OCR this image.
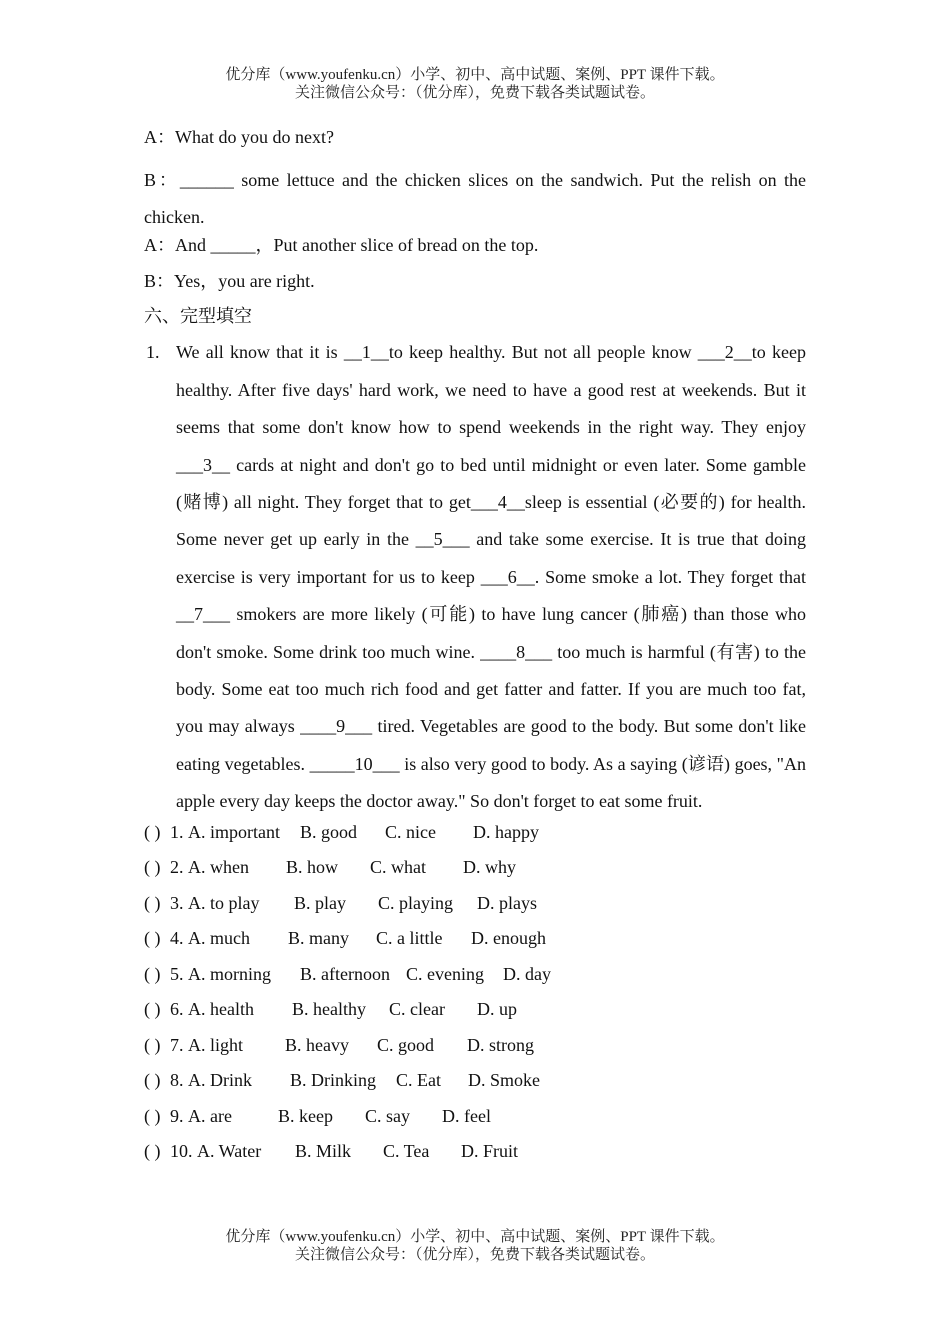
优分库（www.youfenku.cn）小学、初中、高中试题、案例、PPT 课件下载。
关注微信公众号：（优分库），免费下载各类试题试卷。
A：What do you do next?
B：______ some lettuce and the chicken slices on the sandwich. Put the relish on the chicken.
A：And _____，Put another slice of bread on the top.
B：Yes，you are right.
六、完型填空
1. We all know that it is __1__to keep healthy. But not all people know ___2__to keep healthy. After five days' hard work, we need to have a good rest at weekends. But it seems that some don't know how to spend weekends in the right way. They enjoy ___3__ cards at night and don't go to bed until midnight or even later. Some gamble (赌博) all night. They forget that to get___4__sleep is essential (必要的) for health. Some never get up early in the __5___ and take some exercise. It is true that doing exercise is very important for us to keep ___6__. Some smoke a lot. They forget that __7___ smokers are more likely (可能) to have lung cancer (肺癌) than those who don't smoke. Some drink too much wine. ____8___ too much is harmful (有害) to the body. Some eat too much rich food and get fatter and fatter. If you are much too fat, you may always ____9___ tired. Vegetables are good to the body. But some don't like eating vegetables. _____10___ is also very good to body. As a saying (谚语) goes, "An apple every day keeps the doctor away." So don't forget to eat some fruit.
( ) 1. A. important B. good C. nice D. happy
( ) 2. A. when B. how C. what D. why
( ) 3. A. to play B. play C. playing D. plays
( ) 4. A. much B. many C. a little D. enough
( ) 5. A. morning B. afternoon C. evening D. day
( ) 6. A. health B. healthy C. clear D. up
( ) 7. A. light B. heavy C. good D. strong
( ) 8. A. Drink B. Drinking C. Eat D. Smoke
( ) 9. A. are	B. keep C. say D. feel
( ) 10. A. Water B. Milk C. Tea D. Fruit
优分库（www.youfenku.cn）小学、初中、高中试题、案例、PPT 课件下载。
关注微信公众号：（优分库），免费下载各类试题试卷。
